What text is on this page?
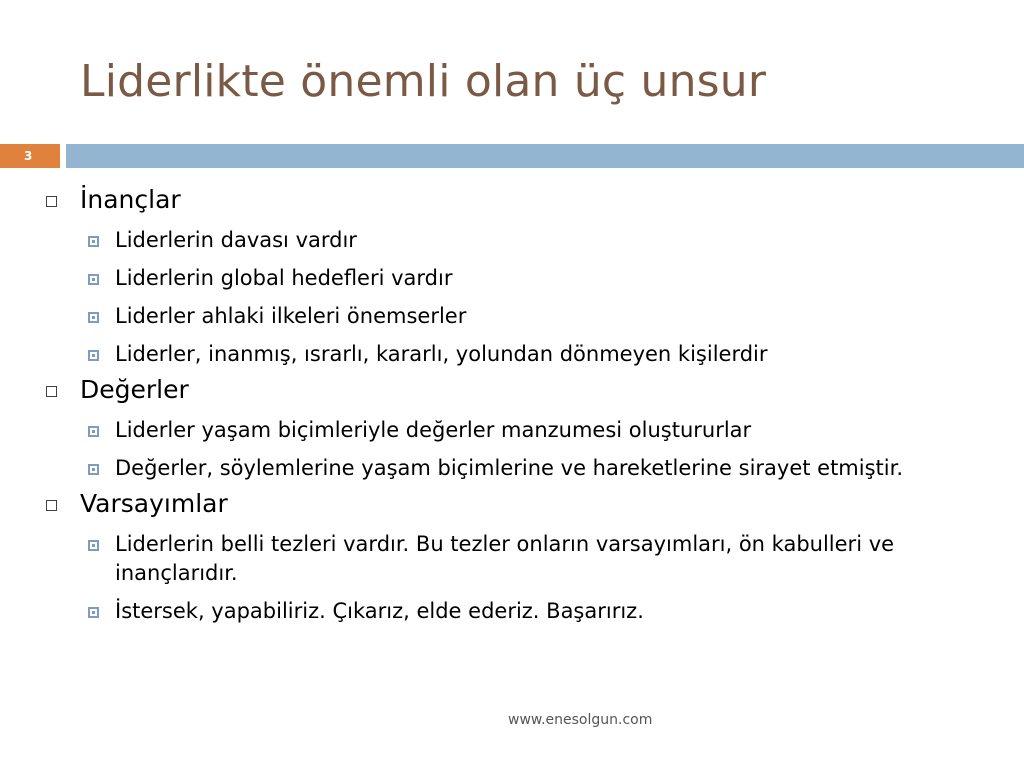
Liderlikte önemli olan üç unsur
3
İnançlar
Liderlerin davası vardır
Liderlerin global hedefleri vardır
Liderler ahlaki ilkeleri önemserler
Liderler, inanmış, ısrarlı, kararlı, yolundan dönmeyen kişilerdir
Değerler
Liderler yaşam biçimleriyle değerler manzumesi oluştururlar
Değerler, söylemlerine yaşam biçimlerine ve hareketlerine sirayet etmiştir.
Varsayımlar
Liderlerin belli tezleri vardır. Bu tezler onların varsayımları, ön kabulleri ve inançlarıdır.
İstersek, yapabiliriz. Çıkarız, elde ederiz. Başarırız.
www.enesolgun.com
